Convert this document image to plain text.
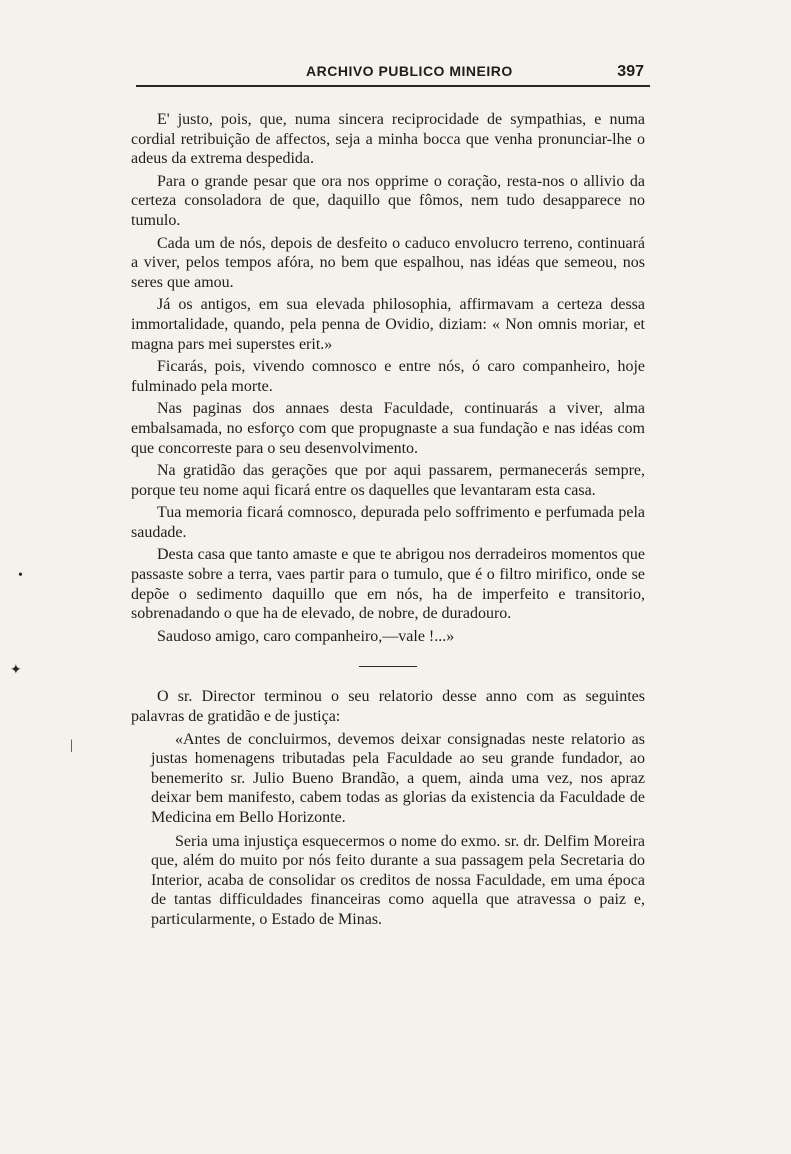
ARCHIVO PUBLICO MINEIRO	397

E' justo, pois, que, numa sincera reciprocidade de sympathias, e numa cordial retribuição de affectos, seja a minha bocca que venha pronunciar-lhe o adeus da extrema despedida.

Para o grande pesar que ora nos opprime o coração, resta-nos o allivio da certeza consoladora de que, daquillo que fômos, nem tudo desapparece no tumulo.

Cada um de nós, depois de desfeito o caduco envolucro terreno, continuará a viver, pelos tempos afóra, no bem que espalhou, nas idéas que semeou, nos seres que amou.

Já os antigos, em sua elevada philosophia, affirmavam a certeza dessa immortalidade, quando, pela penna de Ovidio, diziam: « Non omnis moriar, et magna pars mei superstes erit.»

Ficarás, pois, vivendo comnosco e entre nós, ó caro companheiro, hoje fulminado pela morte.

Nas paginas dos annaes desta Faculdade, continuarás a viver, alma embalsamada, no esforço com que propugnaste a sua fundação e nas idéas com que concorreste para o seu desenvolvimento.

Na gratidão das gerações que por aqui passarem, permanecerás sempre, porque teu nome aqui ficará entre os daquelles que levantaram esta casa.

Tua memoria ficará comnosco, depurada pelo soffrimento e perfumada pela saudade.

Desta casa que tanto amaste e que te abrigou nos derradeiros momentos que passaste sobre a terra, vaes partir para o tumulo, que é o filtro mirifico, onde se depõe o sedimento daquillo que em nós, ha de imperfeito e transitorio, sobrenadando o que ha de elevado, de nobre, de duradouro.

Saudoso amigo, caro companheiro,—vale !...»

O sr. Director terminou o seu relatorio desse anno com as seguintes palavras de gratidão e de justiça:

«Antes de concluirmos, devemos deixar consignadas neste relatorio as justas homenagens tributadas pela Faculdade ao seu grande fundador, ao benemerito sr. Julio Bueno Brandão, a quem, ainda uma vez, nos apraz deixar bem manifesto, cabem todas as glorias da existencia da Faculdade de Medicina em Bello Horizonte.

Seria uma injustiça esquecermos o nome do exmo. sr. dr. Delfim Moreira que, além do muito por nós feito durante a sua passagem pela Secretaria do Interior, acaba de consolidar os creditos de nossa Faculdade, em uma época de tantas difficuldades financeiras como aquella que atravessa o paiz e, particularmente, o Estado de Minas.

•
✦
|
